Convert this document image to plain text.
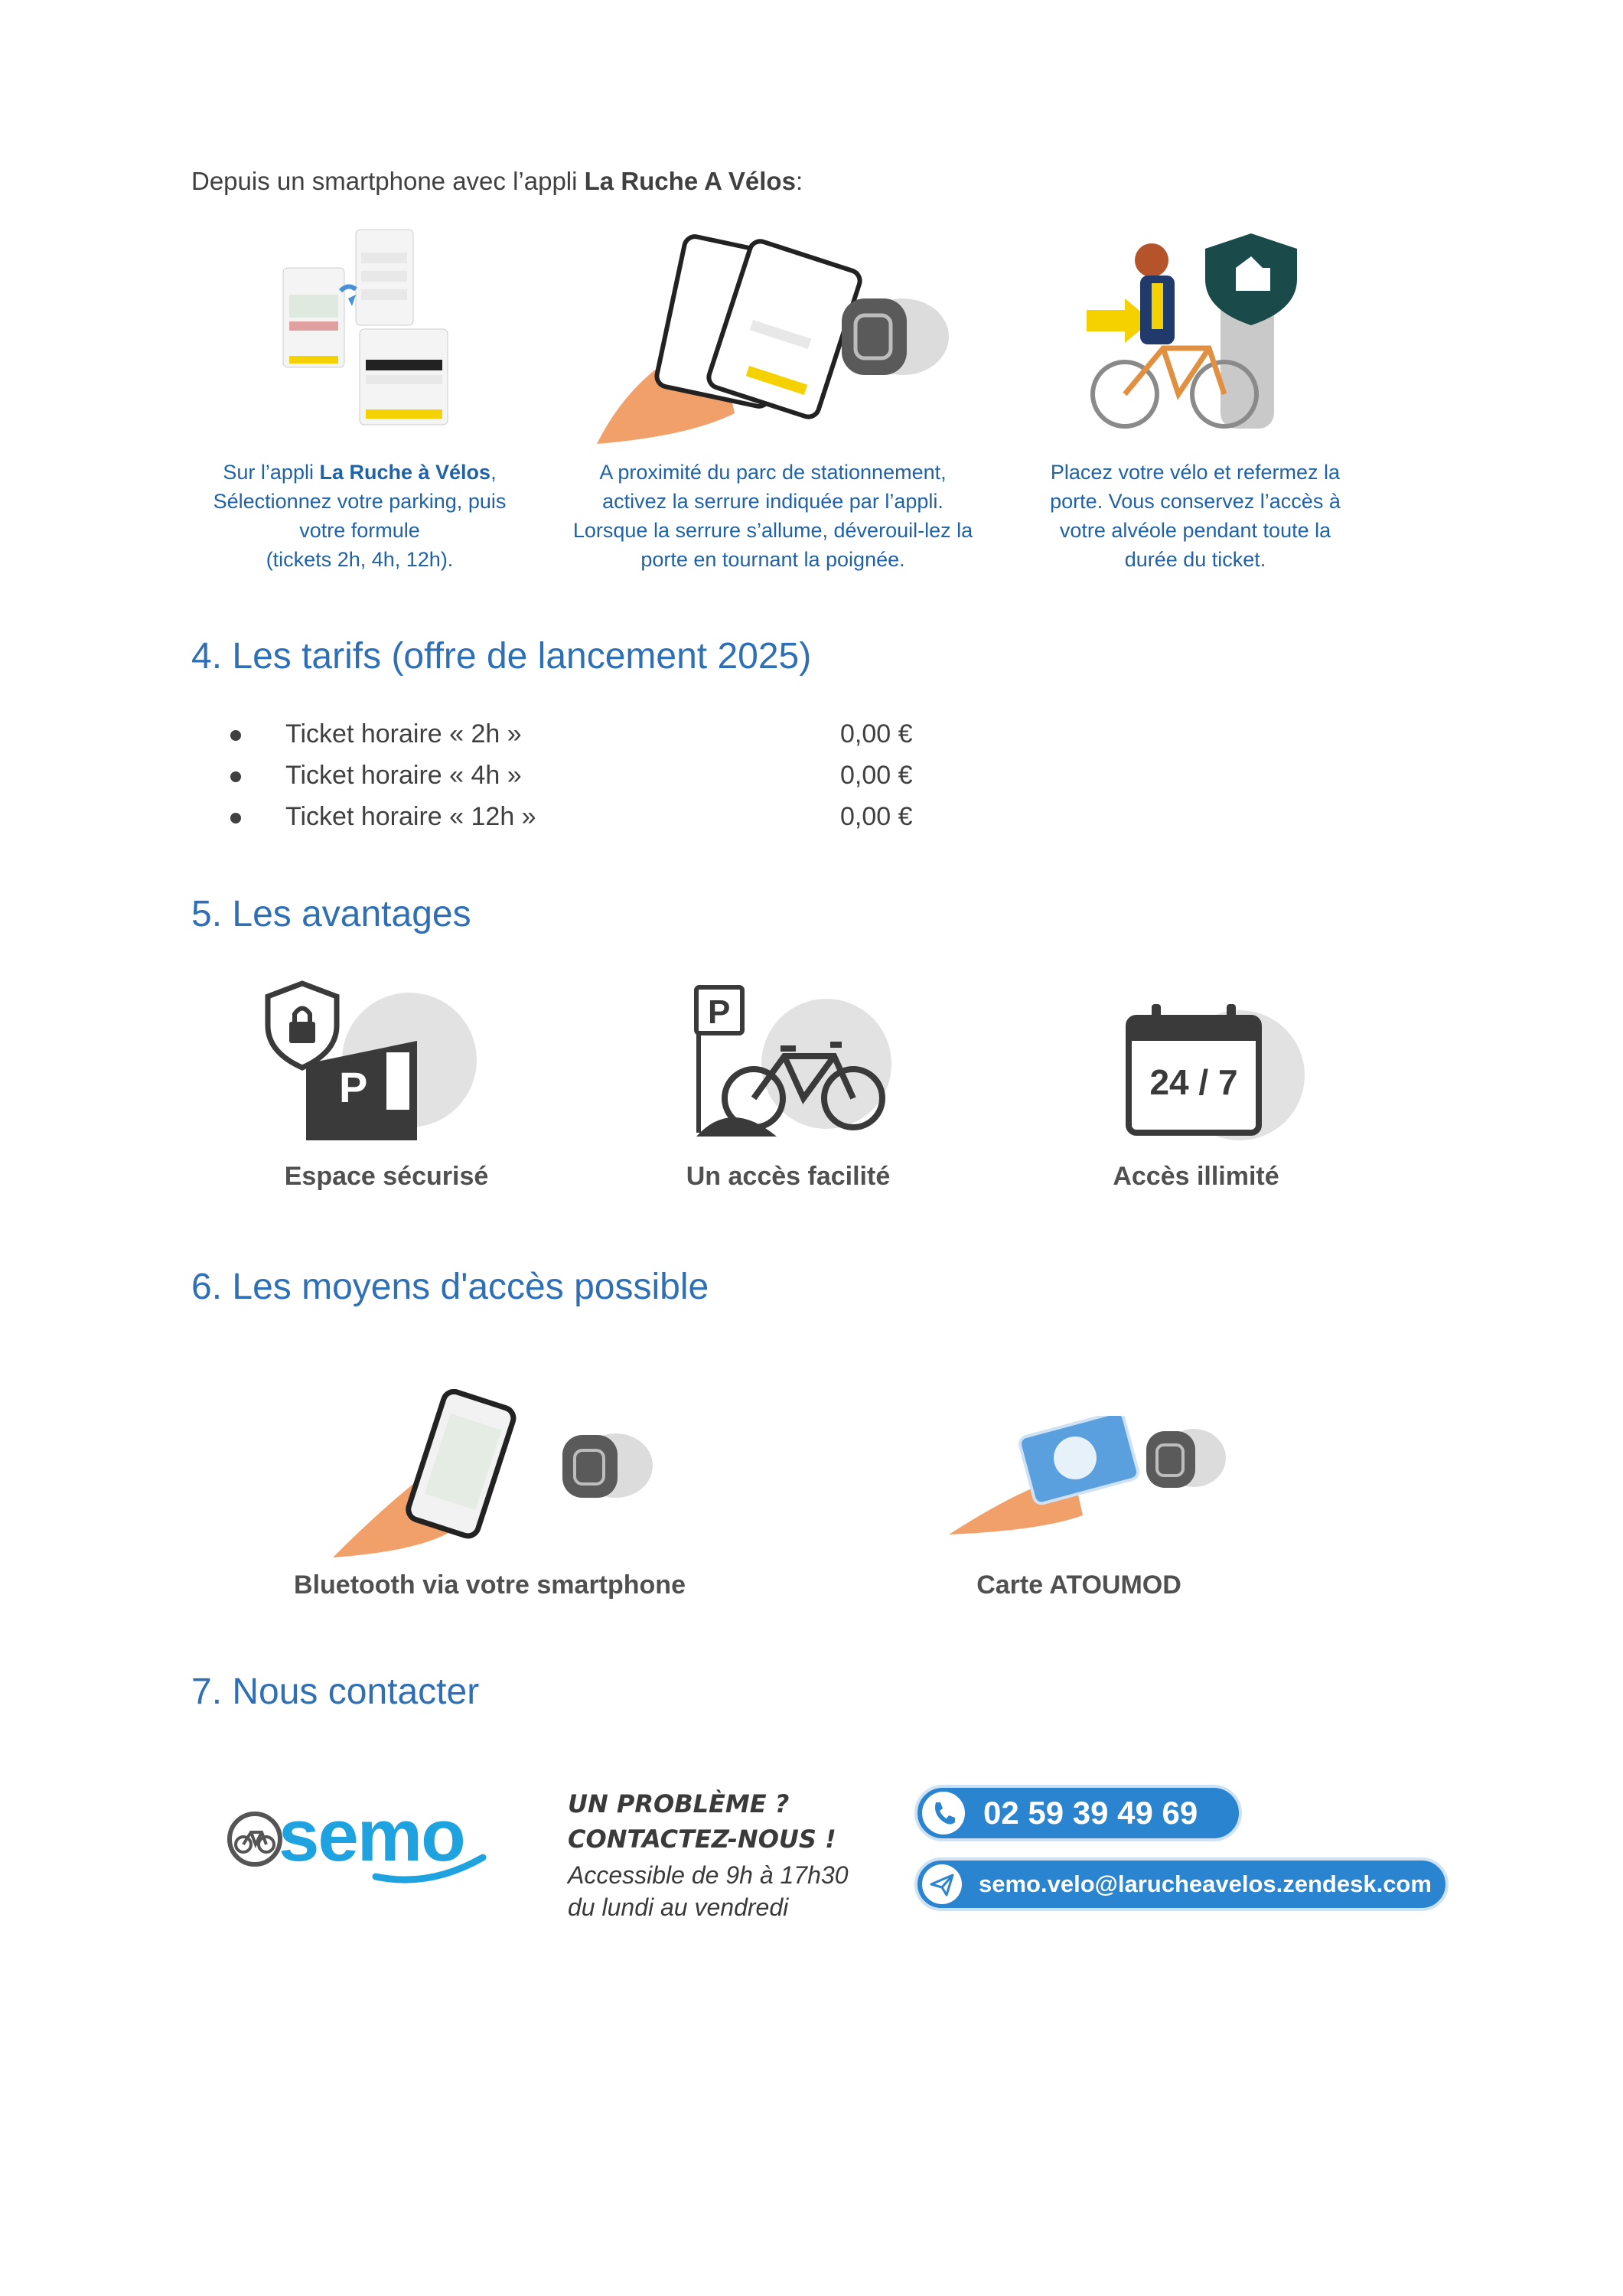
Depuis un smartphone avec l’appli La Ruche A Vélos:
Sur l’appli La Ruche à Vélos,
Sélectionnez votre parking, puis
votre formule
(tickets 2h, 4h, 12h).
A proximité du parc de stationnement,
activez la serrure indiquée par l’appli.
Lorsque la serrure s’allume, déverouil-lez la
porte en tournant la poignée.
Placez votre vélo et refermez la
porte. Vous conservez l’accès à
votre alvéole pendant toute la
durée du ticket.
4. Les tarifs (offre de lancement 2025)
Ticket horaire « 2h »	0,00 €
Ticket horaire « 4h »	0,00 €
Ticket horaire « 12h »	0,00 €
5. Les avantages
P
P
24 / 7
Espace sécurisé	Un accès facilité	Accès illimité
6. Les moyens d'accès possible
Bluetooth via votre smartphone	Carte ATOUMOD
7. Nous contacter
semo	UN PROBLÈME ?
CONTACTEZ-NOUS !
Accessible de 9h à 17h30
du lundi au vendredi
02 59 39 49 69
semo.velo@larucheavelos.zendesk.com
